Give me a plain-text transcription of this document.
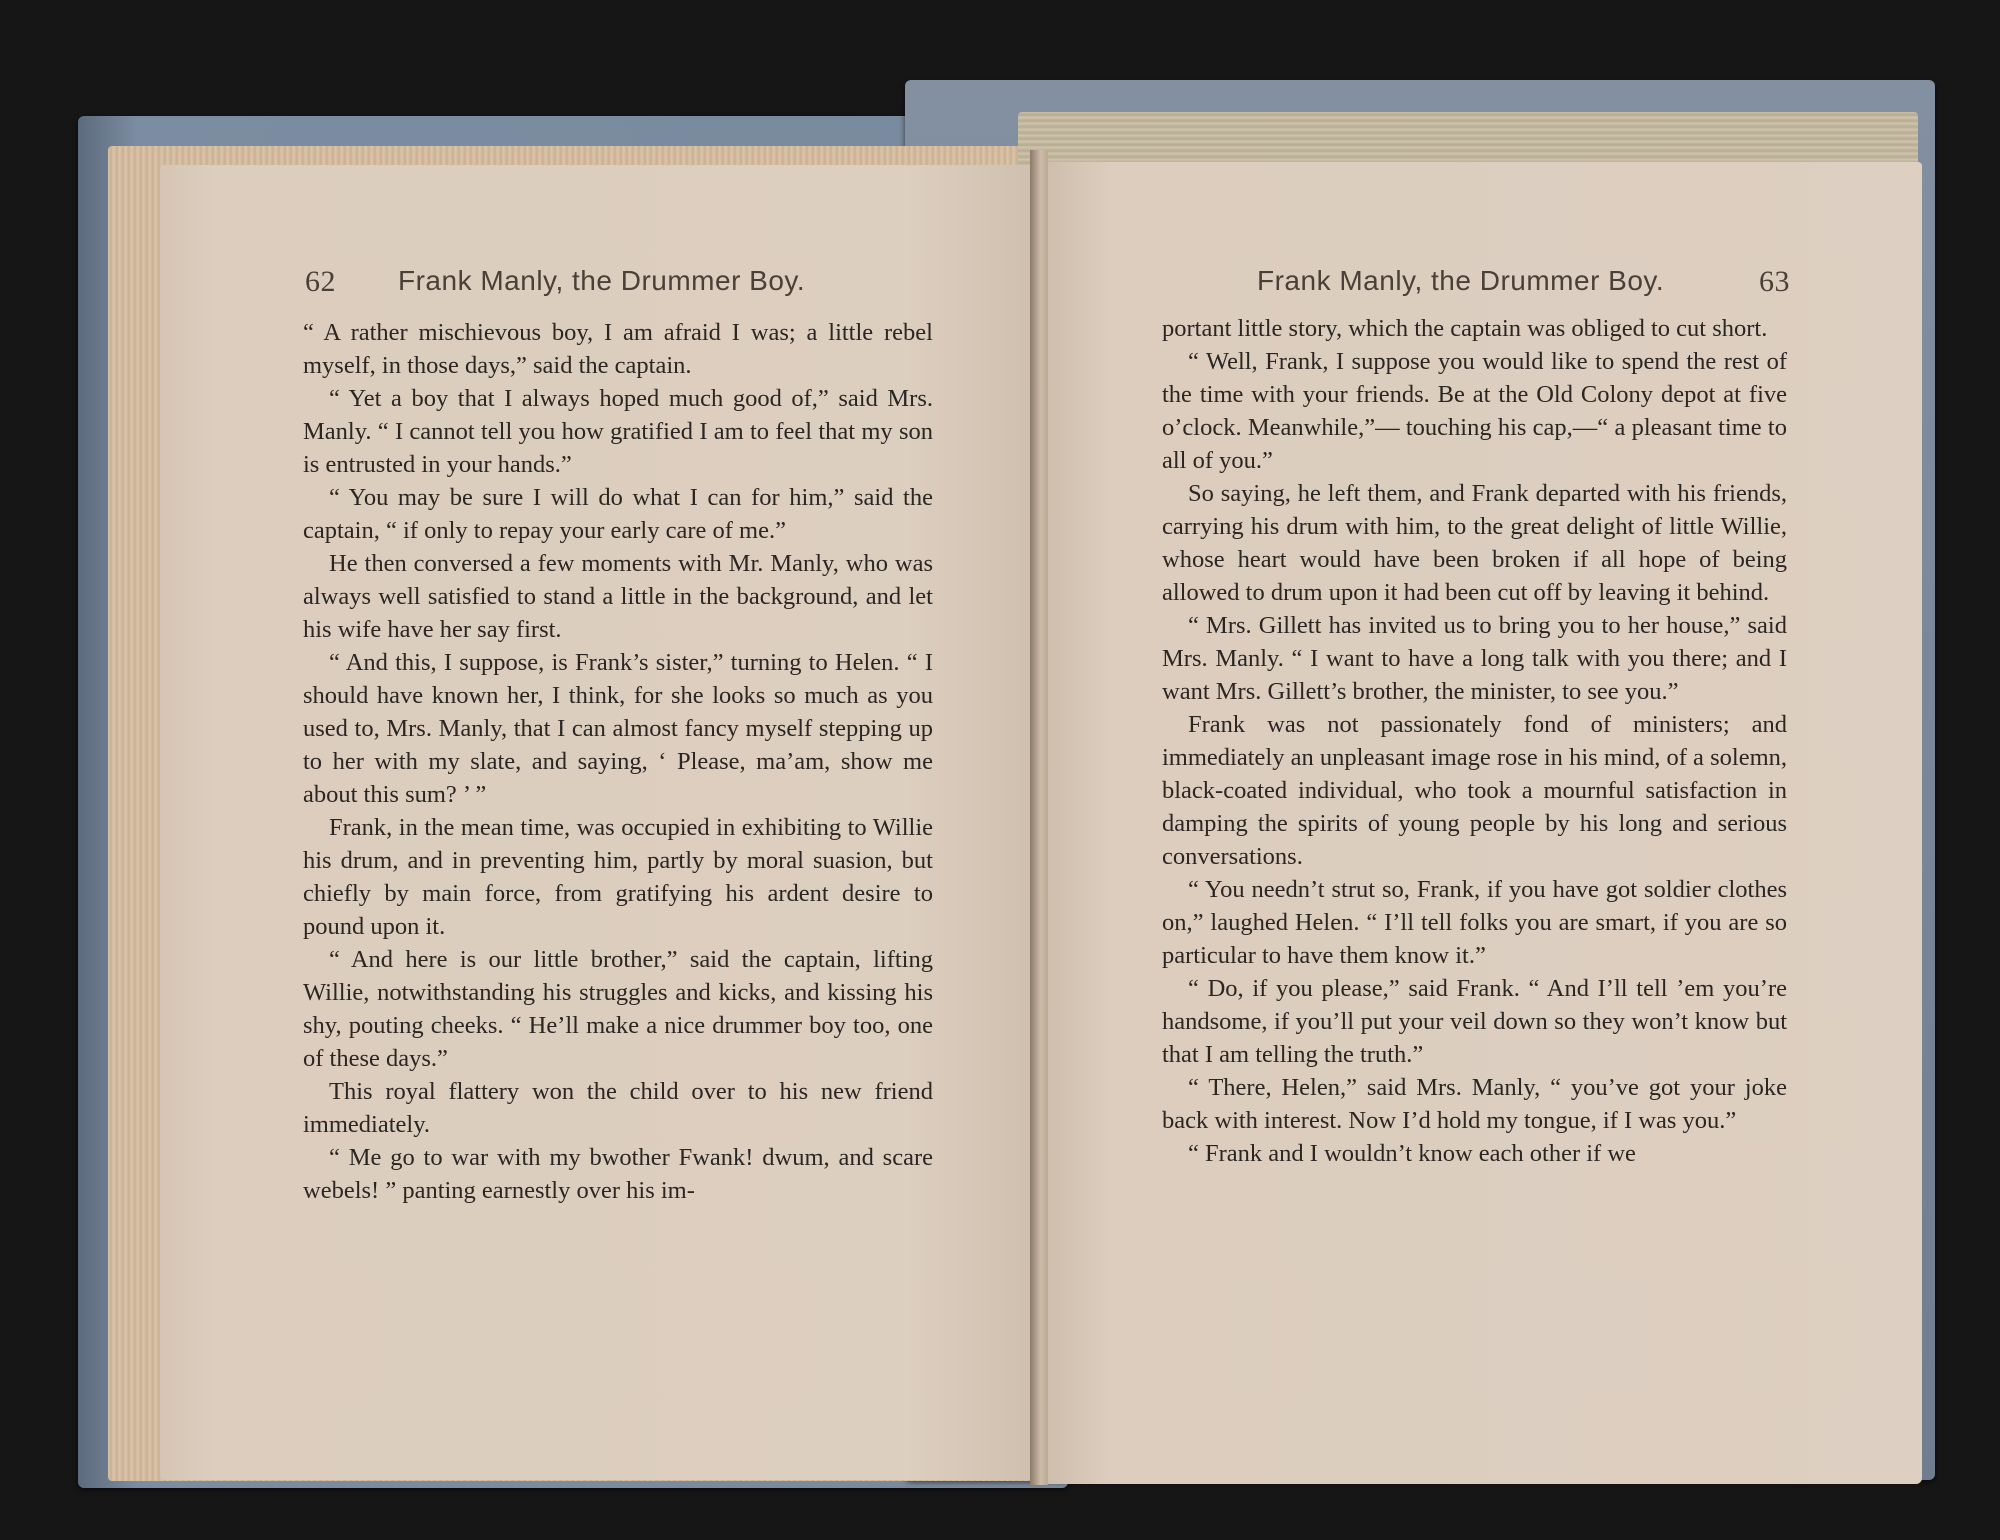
62 Frank Manly, the Drummer Boy.	Frank Manly, the Drummer Boy.	63

“ A rather mischievous boy, I am afraid I was; a little rebel myself, in those days,” said the captain.

“ Yet a boy that I always hoped much good of,” said Mrs. Manly. “ I cannot tell you how gratified I am to feel that my son is entrusted in your hands.”

“ You may be sure I will do what I can for him,” said the captain, “ if only to repay your early care of me.”

He then conversed a few moments with Mr. Manly, who was always well satisfied to stand a little in the background, and let his wife have her say first.

“ And this, I suppose, is Frank’s sister,” turning to Helen. “ I should have known her, I think, for she looks so much as you used to, Mrs. Manly, that I can almost fancy myself stepping up to her with my slate, and saying, ‘ Please, ma’am, show me about this sum? ’ ”

Frank, in the mean time, was occupied in exhibiting to Willie his drum, and in preventing him, partly by moral suasion, but chiefly by main force, from gratifying his ardent desire to pound upon it.

“ And here is our little brother,” said the captain, lifting Willie, notwithstanding his struggles and kicks, and kissing his shy, pouting cheeks. “ He’ll make a nice drummer boy too, one of these days.”

This royal flattery won the child over to his new friend immediately.

“ Me go to war with my bwother Fwank! dwum, and scare webels! ” panting earnestly over his im-

portant little story, which the captain was obliged to cut short.

“ Well, Frank, I suppose you would like to spend the rest of the time with your friends. Be at the Old Colony depot at five o’clock. Meanwhile,”— touching his cap,—“ a pleasant time to all of you.”

So saying, he left them, and Frank departed with his friends, carrying his drum with him, to the great delight of little Willie, whose heart would have been broken if all hope of being allowed to drum upon it had been cut off by leaving it behind.

“ Mrs. Gillett has invited us to bring you to her house,” said Mrs. Manly. “ I want to have a long talk with you there; and I want Mrs. Gillett’s brother, the minister, to see you.”

Frank was not passionately fond of ministers; and immediately an unpleasant image rose in his mind, of a solemn, black-coated individual, who took a mournful satisfaction in damping the spirits of young people by his long and serious conversations.

“ You needn’t strut so, Frank, if you have got soldier clothes on,” laughed Helen. “ I’ll tell folks you are smart, if you are so particular to have them know it.”

“ Do, if you please,” said Frank. “ And I’ll tell ’em you’re handsome, if you’ll put your veil down so they won’t know but that I am telling the truth.”

“ There, Helen,” said Mrs. Manly, “ you’ve got your joke back with interest. Now I’d hold my tongue, if I was you.”

“ Frank and I wouldn’t know each other if we
